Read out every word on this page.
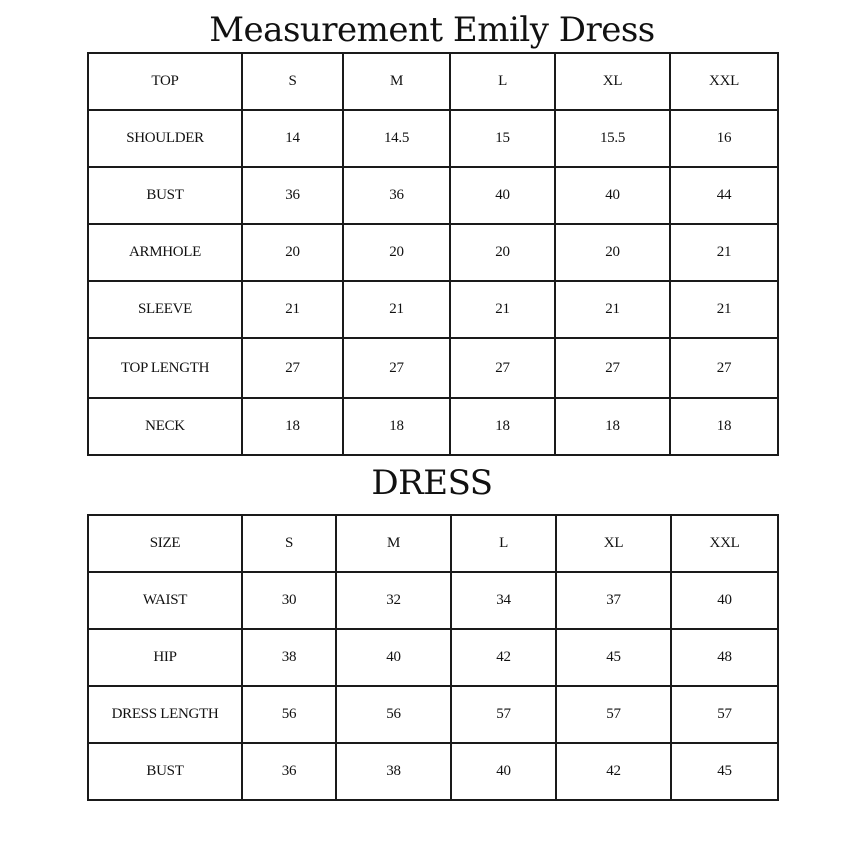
Measurement Emily Dress
TOP	S	M	L	XL	XXL
SHOULDER	14	14.5	15	15.5	16
BUST	36	36	40	40	44
ARMHOLE	20	20	20	20	21
SLEEVE	21	21	21	21	21
TOP LENGTH	27	27	27	27	27
NECK	18	18	18	18	18
DRESS
SIZE	S	M	L	XL	XXL
WAIST	30	32	34	37	40
HIP	38	40	42	45	48
DRESS LENGTH	56	56	57	57	57
BUST	36	38	40	42	45
